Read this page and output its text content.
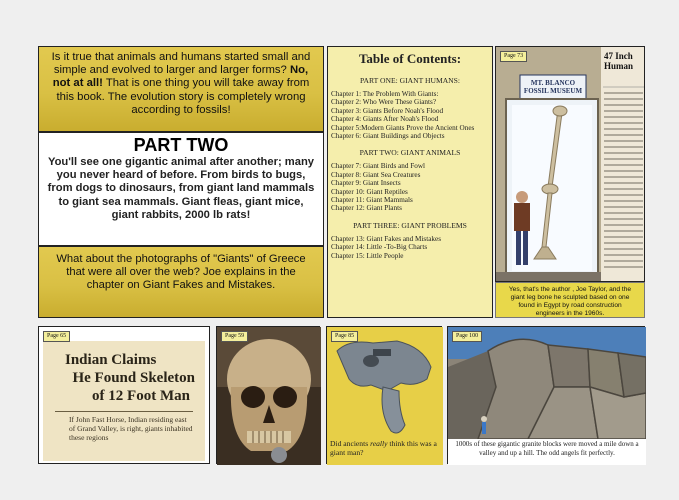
Is it true that animals and humans started small and simple and evolved to larger and larger forms? No, not at all! That is one thing you will take away from this book. The evolution story is completely wrong according to fossils!
PART TWO
You'll see one gigantic animal after another; many you never heard of before. From birds to bugs, from dogs to dinosaurs, from giant land mammals to giant sea mammals. Giant fleas, giant mice, giant rabbits, 2000 lb rats!
What about the photographs of "Giants" of Greece that were all over the web? Joe explains in the chapter on Giant Fakes and Mistakes.
Table of Contents:
PART ONE: GIANT HUMANS:
Chapter 1: The Problem With Giants:
Chapter 2: Who Were These Giants?
Chapter 3: Giants Before Noah's Flood
Chapter 4: Giants After Noah's Flood
Chapter 5:Modern Giants Prove the Ancient Ones
Chapter 6: Giant Buildings and Objects
PART TWO: GIANT ANIMALS
Chapter 7: Giant Birds and Fowl
Chapter 8: Giant Sea Creatures
Chapter 9: Giant Insects
Chapter 10: Giant Reptiles
Chapter 11: Giant Mammals
Chapter 12: Giant Plants
PART THREE: GIANT PROBLEMS
Chapter 13: Giant Fakes and Mistakes
Chapter 14: Little -To-Big Charts
Chapter 15: Little People
MT. BLANCO
FOSSIL MUSEUM
47 Inch
Human
Page 73
Yes, that's the author , Joe Taylor, and the giant leg bone he sculpted based on one found in Egypt by road construction engineers in the 1960s.
Indian Claims
He Found Skeleton
of 12 Foot Man
If John Fast Horse, Indian residing east of Grand Valley, is right, giants inhabited these regions
Page 65	Page 59	Page 85
Did ancients really think this was a giant man?
Page 100
1000s of these gigantic granite blocks were moved a mile down a valley and up a hill. The odd angels fit perfectly.
